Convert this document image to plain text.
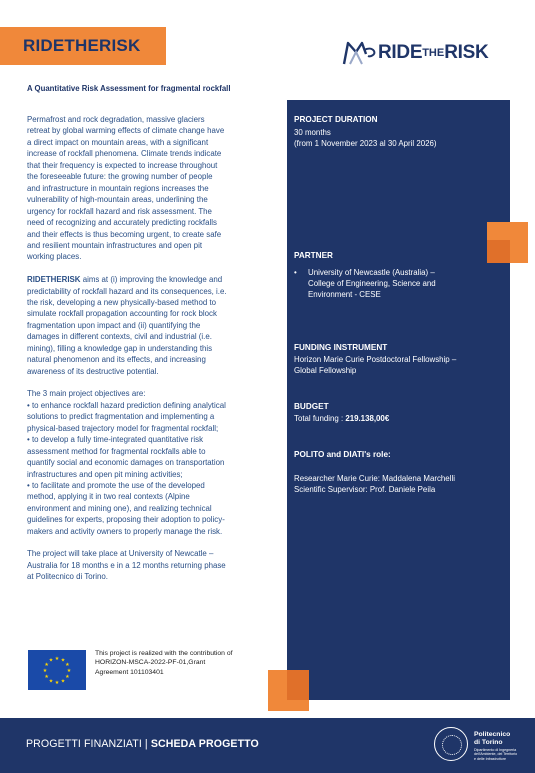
RIDETHERISK	RIDE THE RISK
A Quantitative Risk Assessment for fragmental rockfall

Permafrost and rock degradation, massive glaciers
retreat by global warming effects of climate change have
a direct impact on mountain areas, with a significant
increase of rockfall phenomena. Climate trends indicate
that their frequency is expected to increase throughout
the foreseeable future: the growing number of people
and infrastructure in mountain regions increases the
vulnerability of high-mountain areas, underlining the
urgency for rockfall hazard and risk assessment. The
need of recognizing and accurately predicting rockfalls
and their effects is thus becoming urgent, to create safe
and resilient mountain infrastructures and open pit
working places.

RIDETHERISK aims at (i) improving the knowledge and
predictability of rockfall hazard and its consequences, i.e.
the risk, developing a new physically-based method to
simulate rockfall propagation accounting for rock block
fragmentation upon impact and (ii) quantifying the
damages in different contexts, civil and industrial (i.e.
mining), filling a knowledge gap in understanding this
natural phenomenon and its effects, and increasing
awareness of its destructive potential.

The 3 main project objectives are:
• to enhance rockfall hazard prediction defining analytical
solutions to predict fragmentation and implementing a
physical-based trajectory model for fragmental rockfall;
• to develop a fully time-integrated quantitative risk
assessment method for fragmental rockfalls able to
quantify social and economic damages on transportation
infrastructures and open pit mining activities;
• to facilitate and promote the use of the developed
method, applying it in two real contexts (Alpine
environment and mining one), and realizing technical
guidelines for experts, proposing their adoption to policy-
makers and activity owners to properly manage the risk.

The project will take place at University of Newcatle –
Australia for 18 months e in a 12 months returning phase
at Politecnico di Torino.

PROJECT DURATION
30 months
(from 1 November 2023 al 30 April 2026)
PARTNER
• University of Newcastle (Australia) –
College of Engineering, Science and
Environment - CESE
FUNDING INSTRUMENT
Horizon Marie Curie Postdoctoral Fellowship –
Global Fellowship
BUDGET
Total funding : 219.138,00€
POLITO and DIATI's role:
Researcher Marie Curie: Maddalena Marchelli
Scientific Supervisor: Prof. Daniele Peila
★
★
★
★
★
★
★
★
★ ★ ★
★
This project is realized with the contribution of
HORIZON-MSCA-2022-PF-01,Grant
Agreement 101103401
PROGETTI FINANZIATI | SCHEDA PROGETTO
Politecnico
di Torino
Dipartimento di Ingegneria
dell'Ambiente, del Territorio
e delle Infrastrutture
